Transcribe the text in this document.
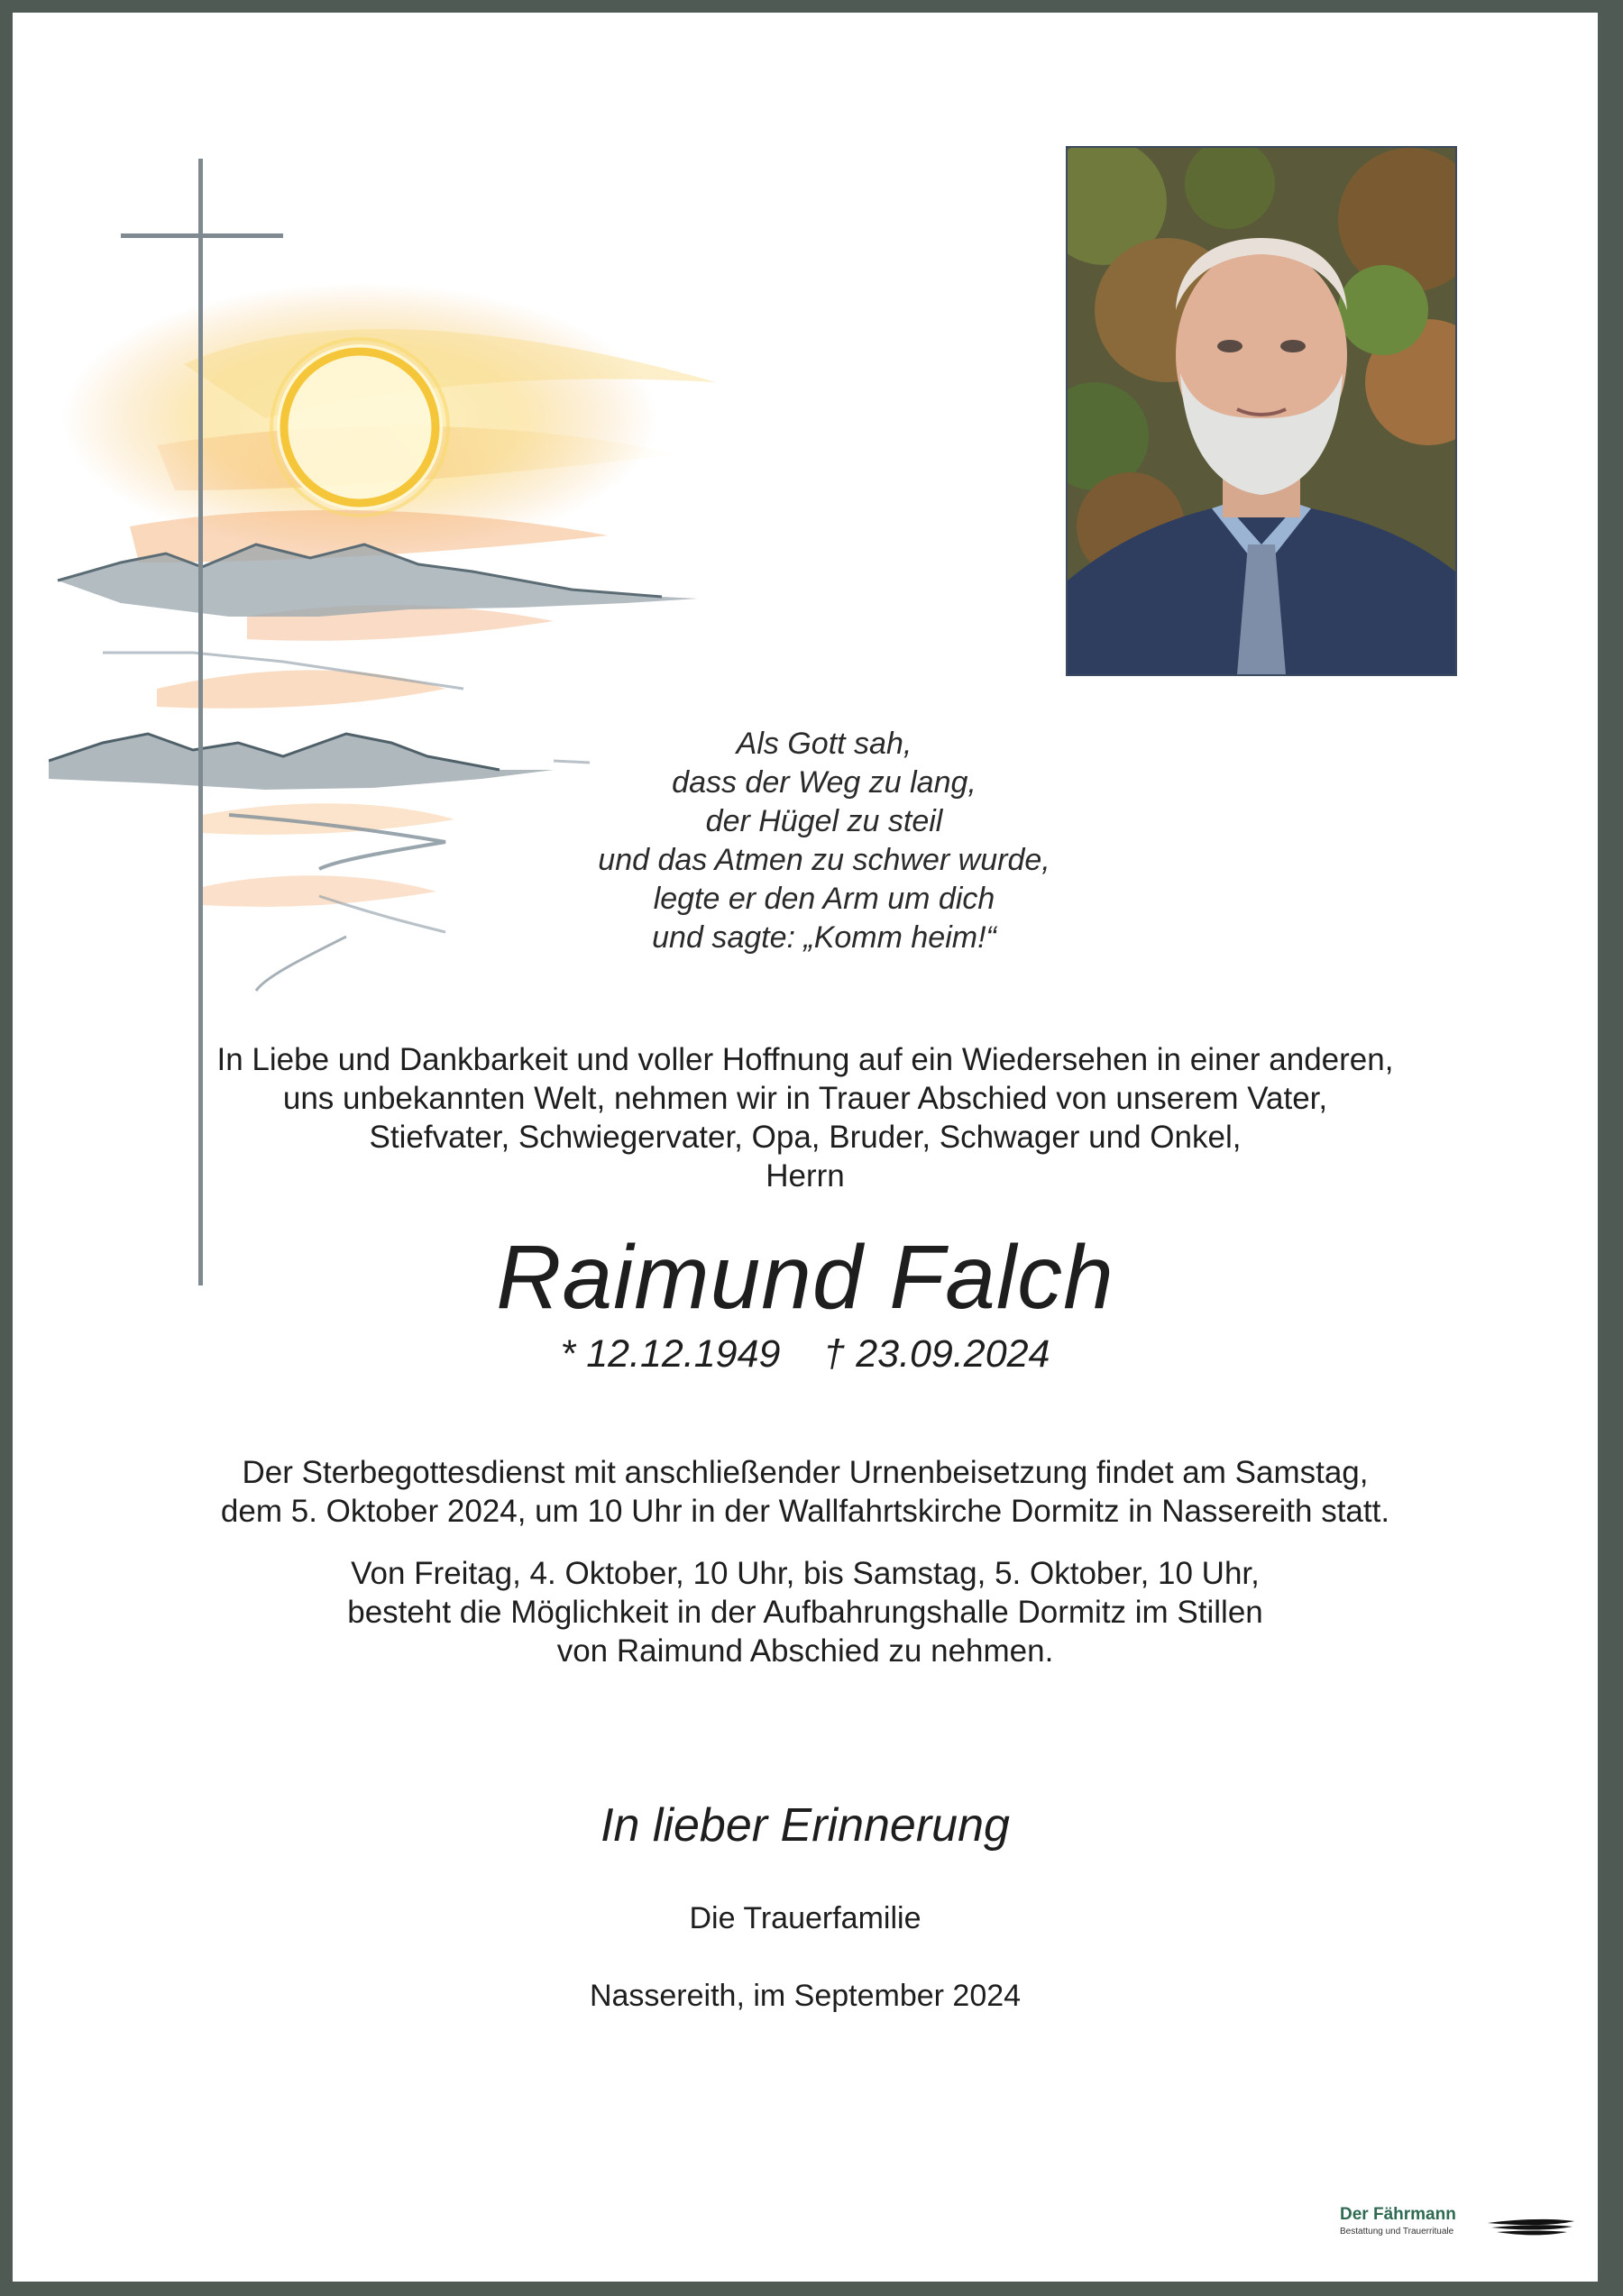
Als Gott sah,
dass der Weg zu lang,
der Hügel zu steil
und das Atmen zu schwer wurde,
legte er den Arm um dich
und sagte: „Komm heim!“
In Liebe und Dankbarkeit und voller Hoffnung auf ein Wiedersehen in einer anderen,
uns unbekannten Welt, nehmen wir in Trauer Abschied von unserem Vater,
Stiefvater, Schwiegervater, Opa, Bruder, Schwager und Onkel,
Herrn
Raimund Falch
* 12.12.1949 † 23.09.2024
Der Sterbegottesdienst mit anschließender Urnenbeisetzung findet am Samstag,
dem 5. Oktober 2024, um 10 Uhr in der Wallfahrtskirche Dormitz in Nassereith statt.
Von Freitag, 4. Oktober, 10 Uhr, bis Samstag, 5. Oktober, 10 Uhr,
besteht die Möglichkeit in der Aufbahrungshalle Dormitz im Stillen
von Raimund Abschied zu nehmen.
In lieber Erinnerung
Die Trauerfamilie
Nassereith, im September 2024
Der Fährmann
Bestattung und Trauerrituale
